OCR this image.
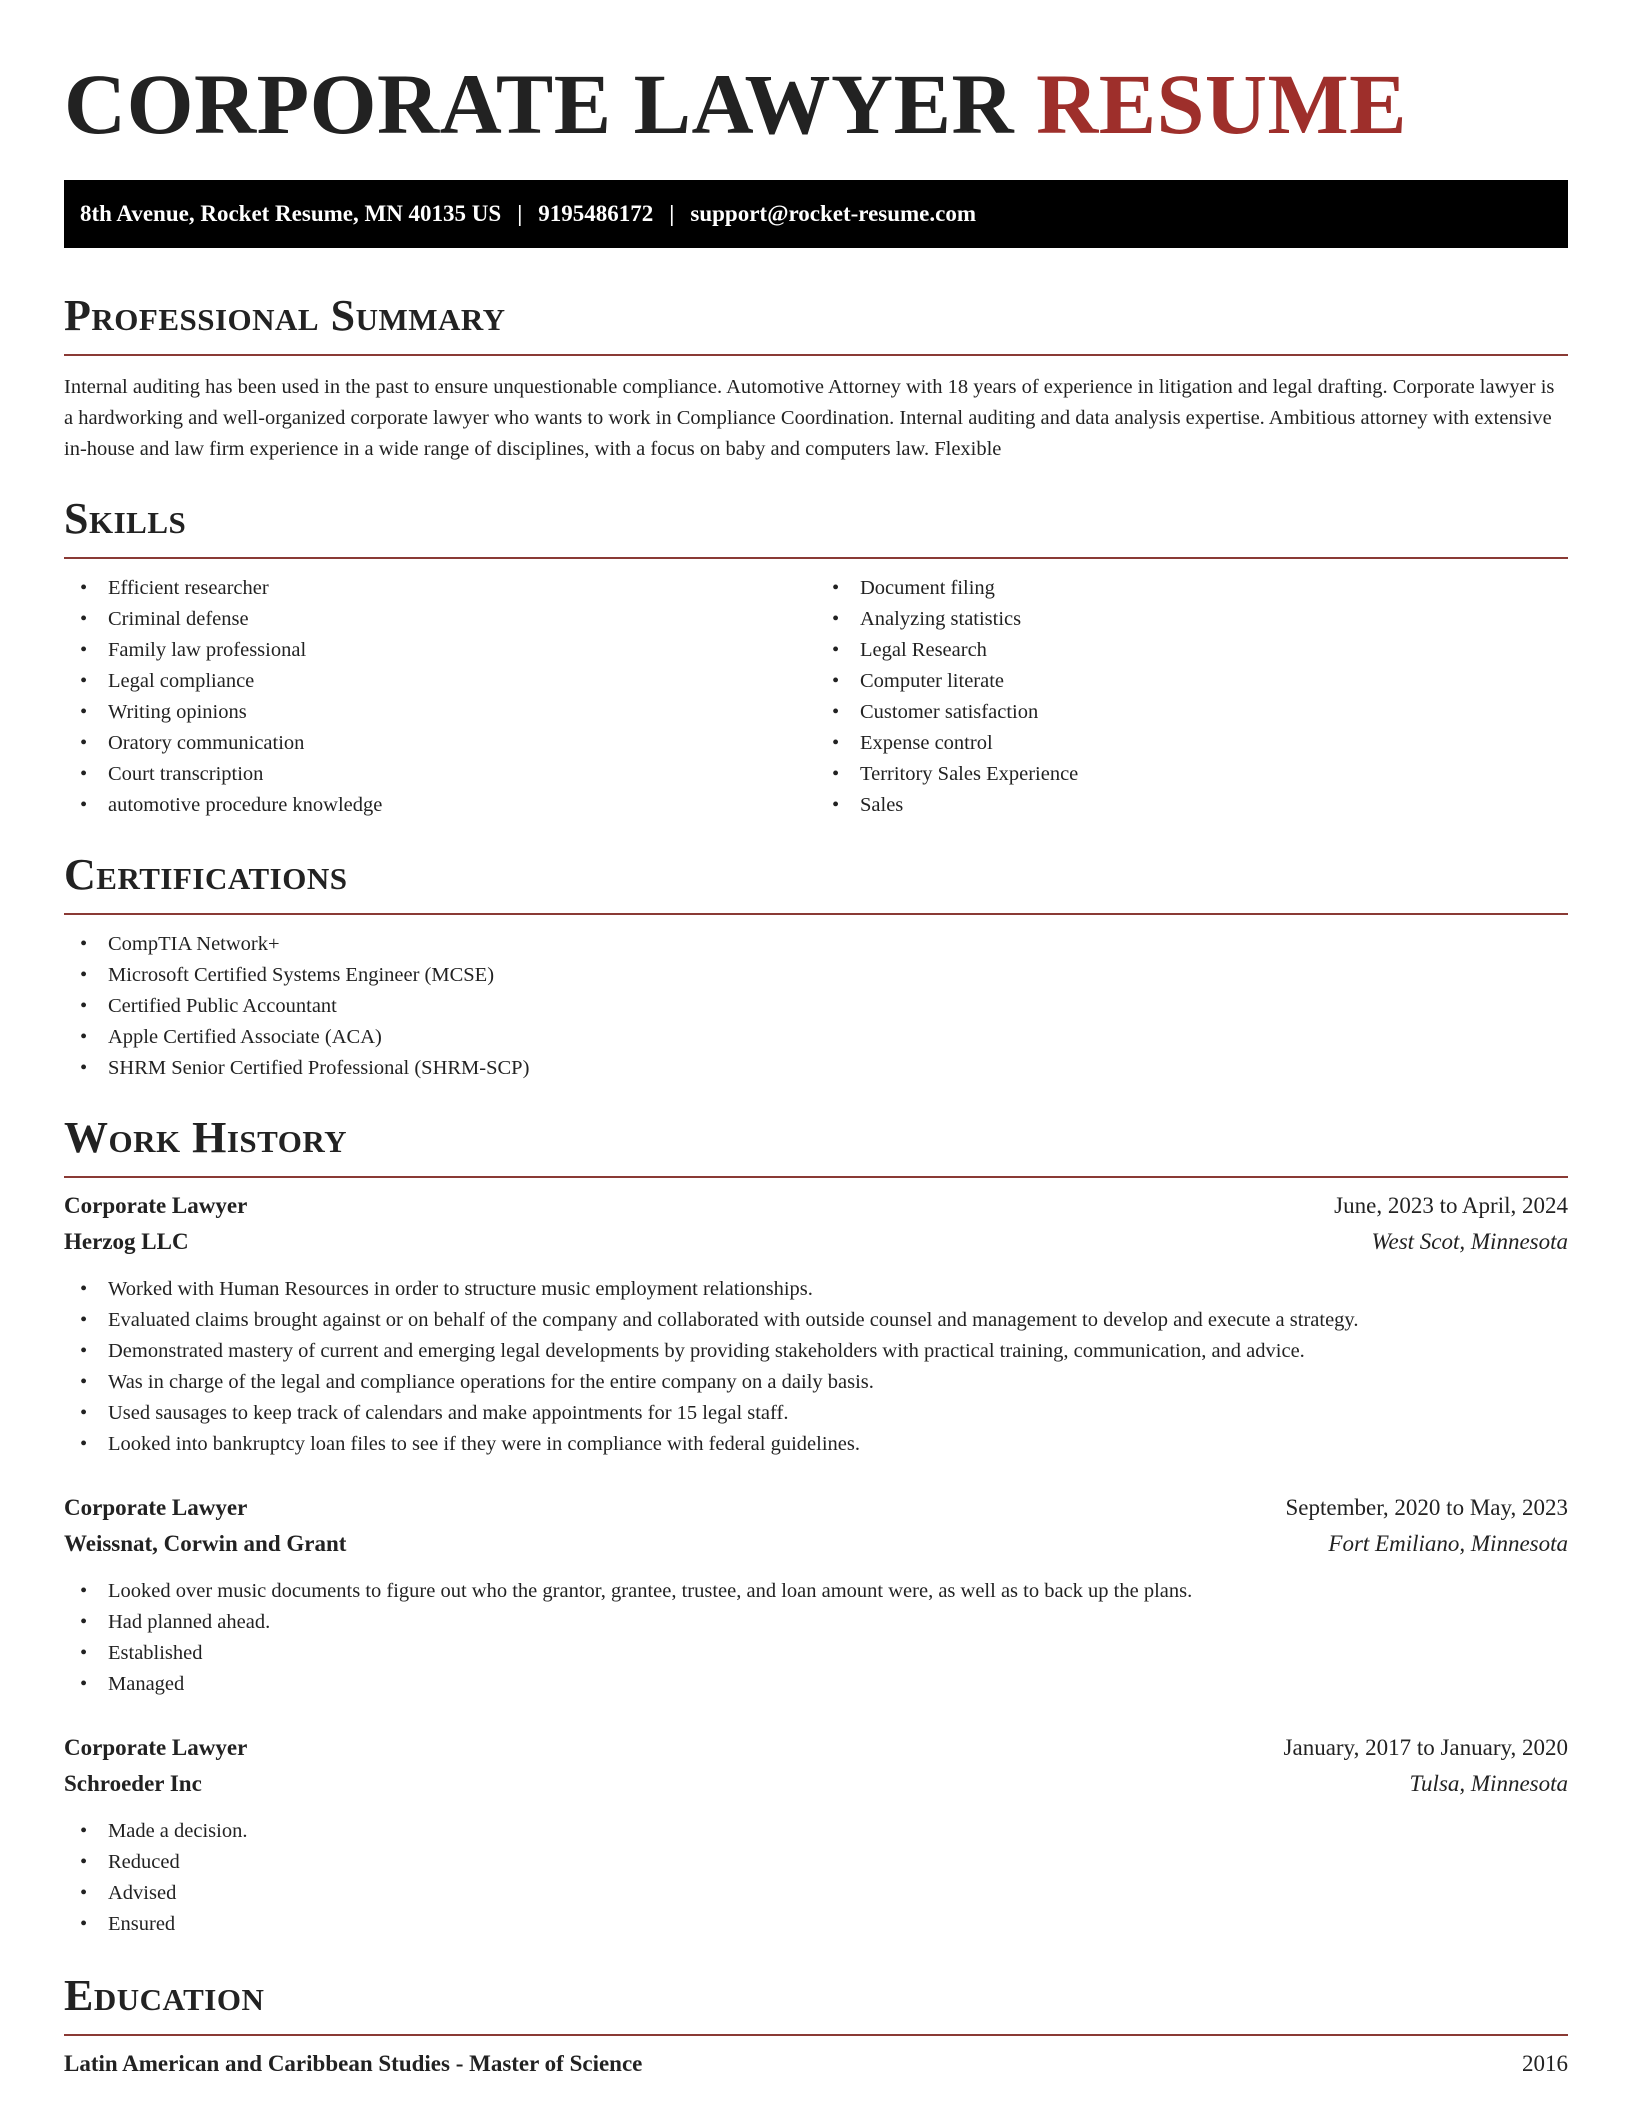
CORPORATE LAWYER RESUME
8th Avenue, Rocket Resume, MN 40135 US | 9195486172 | support@rocket-resume.com
Professional Summary

Internal auditing has been used in the past to ensure unquestionable compliance. Automotive Attorney with 18 years of experience in litigation and legal drafting. Corporate lawyer is a hardworking and well-organized corporate lawyer who wants to work in Compliance Coordination. Internal auditing and data analysis expertise. Ambitious attorney with extensive in-house and law firm experience in a wide range of disciplines, with a focus on baby and computers law. Flexible

Skills
• Efficient researcher
• Criminal defense
• Family law professional
• Legal compliance
• Writing opinions
• Oratory communication
• Court transcription
• automotive procedure knowledge
• Document filing
• Analyzing statistics
• Legal Research
• Computer literate
• Customer satisfaction
• Expense control
• Territory Sales Experience
• Sales
Certifications
• CompTIA Network+
• Microsoft Certified Systems Engineer (MCSE)
• Certified Public Accountant
• Apple Certified Associate (ACA)
• SHRM Senior Certified Professional (SHRM-SCP)
Work History
Corporate Lawyer	June, 2023 to April, 2024
Herzog LLC	West Scot, Minnesota
• Worked with Human Resources in order to structure music employment relationships.
• Evaluated claims brought against or on behalf of the company and collaborated with outside counsel and management to develop and execute a strategy.
• Demonstrated mastery of current and emerging legal developments by providing stakeholders with practical training, communication, and advice.
• Was in charge of the legal and compliance operations for the entire company on a daily basis.
• Used sausages to keep track of calendars and make appointments for 15 legal staff.
• Looked into bankruptcy loan files to see if they were in compliance with federal guidelines.
Corporate Lawyer	September, 2020 to May, 2023
Weissnat, Corwin and Grant	Fort Emiliano, Minnesota
• Looked over music documents to figure out who the grantor, grantee, trustee, and loan amount were, as well as to back up the plans.
• Had planned ahead.
• Established
• Managed
Corporate Lawyer	January, 2017 to January, 2020
Schroeder Inc	Tulsa, Minnesota
• Made a decision.
• Reduced
• Advised
• Ensured
Education
Latin American and Caribbean Studies - Master of Science	2016
